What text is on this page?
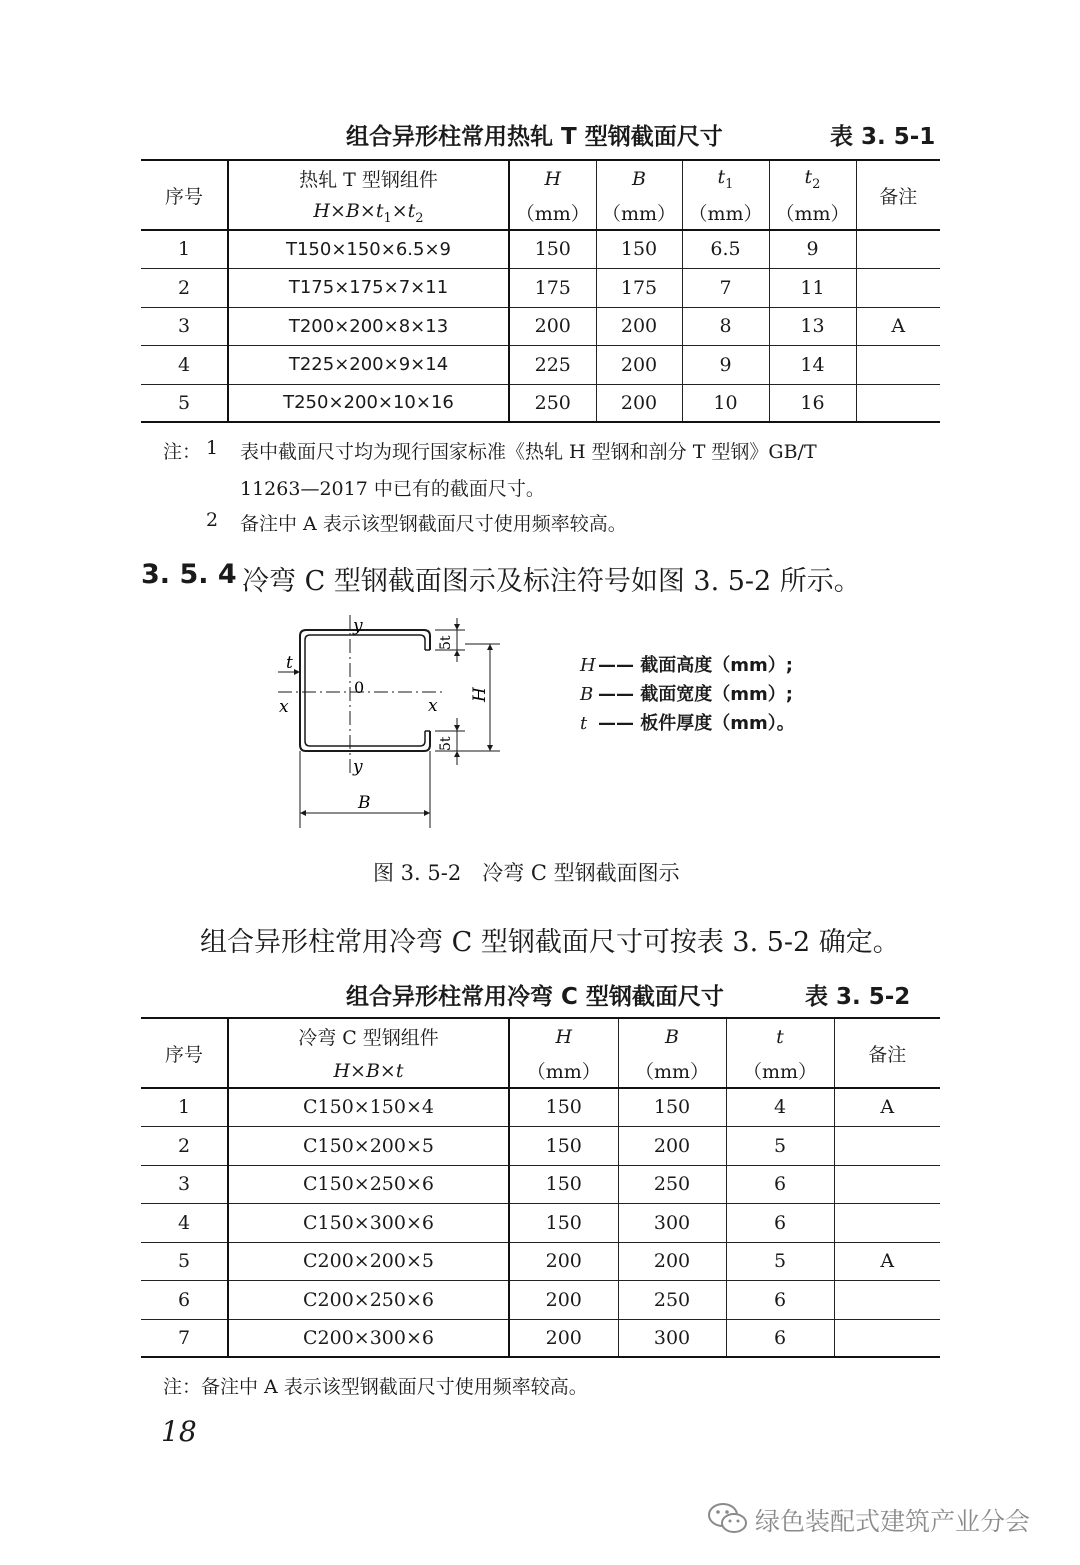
组合异形柱常用热轧 T 型钢截面尺寸	表 3. 5-1
序号	热轧 T 型钢组件	H	B	$t_1$	$t_2$	备注
	$H\times B\times t_1\times t_2$	（mm）	（mm）	（mm）	（mm）	
1	T150×150×6.5×9	150	150	6.5	9	
2	T175×175×7×11	175	175	7	11	
3	T200×200×8×13	200	200	8	13	A
4	T225×200×9×14	225	200	9	14	
5	T250×200×10×16	250	200	10	16	
注： 1 表中截面尺寸均为现行国家标准《热轧 H 型钢和剖分 T 型钢》GB/T
11263—2017 中已有的截面尺寸。
2 备注中 A 表示该型钢截面尺寸使用频率较高。
3. 5. 4 冷弯 C 型钢截面图示及标注符号如图 3. 5-2 所示。
y
y
t
0
x	x
H
B
5t
5t
H —— 截面高度（mm）;
B —— 截面宽度（mm）;
t —— 板件厚度（mm）。
图 3. 5-2　冷弯 C 型钢截面图示
组合异形柱常用冷弯 C 型钢截面尺寸可按表 3. 5-2 确定。
组合异形柱常用冷弯 C 型钢截面尺寸	表 3. 5-2
序号	冷弯 C 型钢组件	H	B	t	备注
	H×B×t	（mm）	（mm）	（mm）	
1	C150×150×4	150	150	4	A
2	C150×200×5	150	200	5	
3	C150×250×6	150	250	6	
4	C150×300×6	150	300	6	
5	C200×200×5	200	200	5	A
6	C200×250×6	200	250	6	
7	C200×300×6	200	300	6	
注：备注中 A 表示该型钢截面尺寸使用频率较高。
18
绿色装配式建筑产业分会
